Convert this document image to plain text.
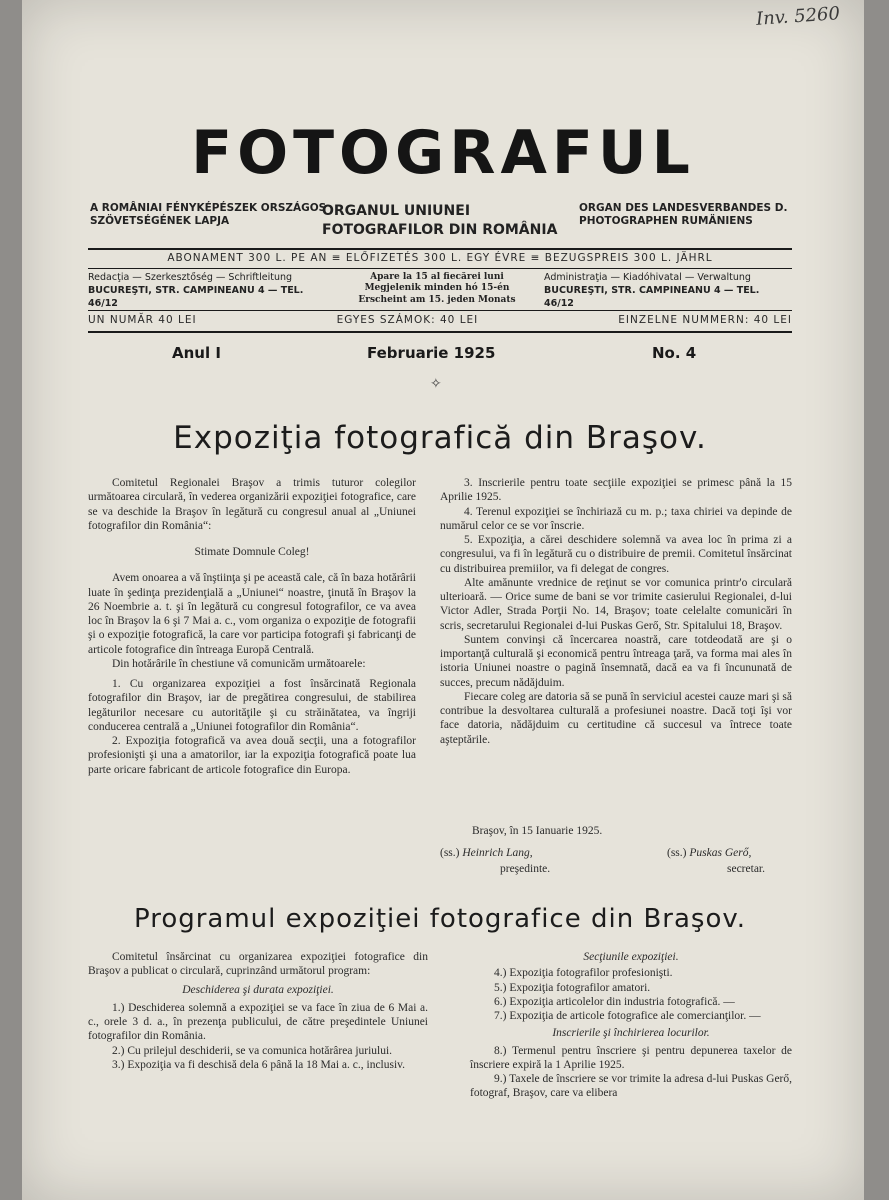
Inv. 5260
FOTOGRAFUL
A ROMÂNIAI FÉNYKÉPÉSZEK ORSZÁGOS SZÖVETSÉGÉNEK LAPJA
ORGANUL UNIUNEI FOTOGRAFILOR DIN ROMÂNIA
ORGAN DES LANDESVERBANDES D. PHOTOGRAPHEN RUMÄNIENS
ABONAMENT 300 L. PE AN ≡ ELŐFIZETÉS 300 L. EGY ÉVRE ≡ BEZUGSPREIS 300 L. JÄHRL
Redacţia — Szerkesztőség — Schriftleitung
BUCUREŞTI, STR. CAMPINEANU 4 — TEL. 46/12
Apare la 15 al fiecărei luni Megjelenik minden hó 15-én Erscheint am 15. jeden Monats
Administraţia — Kiadóhivatal — Verwaltung
BUCUREŞTI, STR. CAMPINEANU 4 — TEL. 46/12
UN NUMĂR 40 LEI	EGYES SZÁMOK: 40 LEI	EINZELNE NUMMERN: 40 LEI
Anul I	Februarie 1925	No. 4
✧
Expoziţia fotografică din Braşov.

Comitetul Regionalei Braşov a trimis tuturor colegilor următoarea circulară, în vederea organizării expoziţiei fotografice, care se va deschide la Braşov în legătură cu congresul anual al „Uniunei fotografilor din România“:

Stimate Domnule Coleg!

Avem onoarea a vă înştiinţa şi pe această cale, că în baza hotărârii luate în şedinţa prezidenţială a „Uniunei“ noastre, ţinută în Braşov la 26 Noembrie a. t. şi în legătură cu congresul fotografilor, ce va avea loc în Braşov la 6 şi 7 Mai a. c., vom organiza o expoziţie de fotografii şi o expoziţie fotografică, la care vor participa fotografi şi fabricanţi de articole fotografice din întreaga Europă Centrală.

Din hotărârile în chestiune vă comunicăm următoarele:

1. Cu organizarea expoziţiei a fost însărcinată Regionala fotografilor din Braşov, iar de pregătirea congresului, de stabilirea legăturilor necesare cu autorităţile şi cu străinătatea, va îngriji conducerea centrală a „Uniunei fotografilor din România“.

2. Expoziţia fotografică va avea două secţii, una a fotografilor profesionişti şi una a amatorilor, iar la expoziţia fotografică poate lua parte oricare fabricant de articole fotografice din Europa.

3. Inscrierile pentru toate secţiile expoziţiei se primesc până la 15 Aprilie 1925.

4. Terenul expoziţiei se închiriază cu m. p.; taxa chiriei va depinde de numărul celor ce se vor înscrie.

5. Expoziţia, a cărei deschidere solemnă va avea loc în prima zi a congresului, va fi în legătură cu o distribuire de premii. Comitetul însărcinat cu distribuirea premiilor, va fi delegat de congres.

Alte amănunte vrednice de reţinut se vor comunica printr'o circulară ulterioară. — Orice sume de bani se vor trimite casierului Regionalei, d-lui Victor Adler, Strada Porţii No. 14, Braşov; toate celelalte comunicări în scris, secretarului Regionalei d-lui Puskas Gerő, Str. Spitalului 18, Braşov.

Suntem convinşi că încercarea noastră, care totdeodată are şi o importanţă culturală şi economică pentru întreaga ţară, va forma mai ales în istoria Uniunei noastre o pagină însemnată, dacă ea va fi încununată de succes, precum nădăjduim.

Fiecare coleg are datoria să se pună în serviciul acestei cauze mari şi să contribue la desvoltarea culturală a profesiunei noastre. Dacă toţi îşi vor face datoria, nădăjduim cu certitudine că succesul va întrece toate aşteptările.

Braşov, în 15 Ianuarie 1925.
(ss.) Heinrich Lang,
preşedinte.
(ss.) Puskas Gerő,
secretar.
Programul expoziţiei fotografice din Braşov.

Comitetul însărcinat cu organizarea expoziţiei fotografice din Braşov a publicat o circulară, cuprinzând următorul program:

Deschiderea şi durata expoziţiei.

1.) Deschiderea solemnă a expoziţiei se va face în ziua de 6 Mai a. c., orele 3 d. a., în prezenţa publicului, de către preşedintele Uniunei fotografilor din România.

2.) Cu prilejul deschiderii, se va comunica hotărârea juriului.

3.) Expoziţia va fi deschisă dela 6 până la 18 Mai a. c., inclusiv.

Secţiunile expoziţiei.

4.) Expoziţia fotografilor profesionişti.

5.) Expoziţia fotografilor amatori.

6.) Expoziţia articolelor din industria fotografică. —

7.) Expoziţia de articole fotografice ale comercianţilor. —

Inscrierile şi închirierea locurilor.

8.) Termenul pentru înscriere şi pentru depunerea taxelor de înscriere expiră la 1 Aprilie 1925.

9.) Taxele de înscriere se vor trimite la adresa d-lui Puskas Gerő, fotograf, Braşov, care va elibera
